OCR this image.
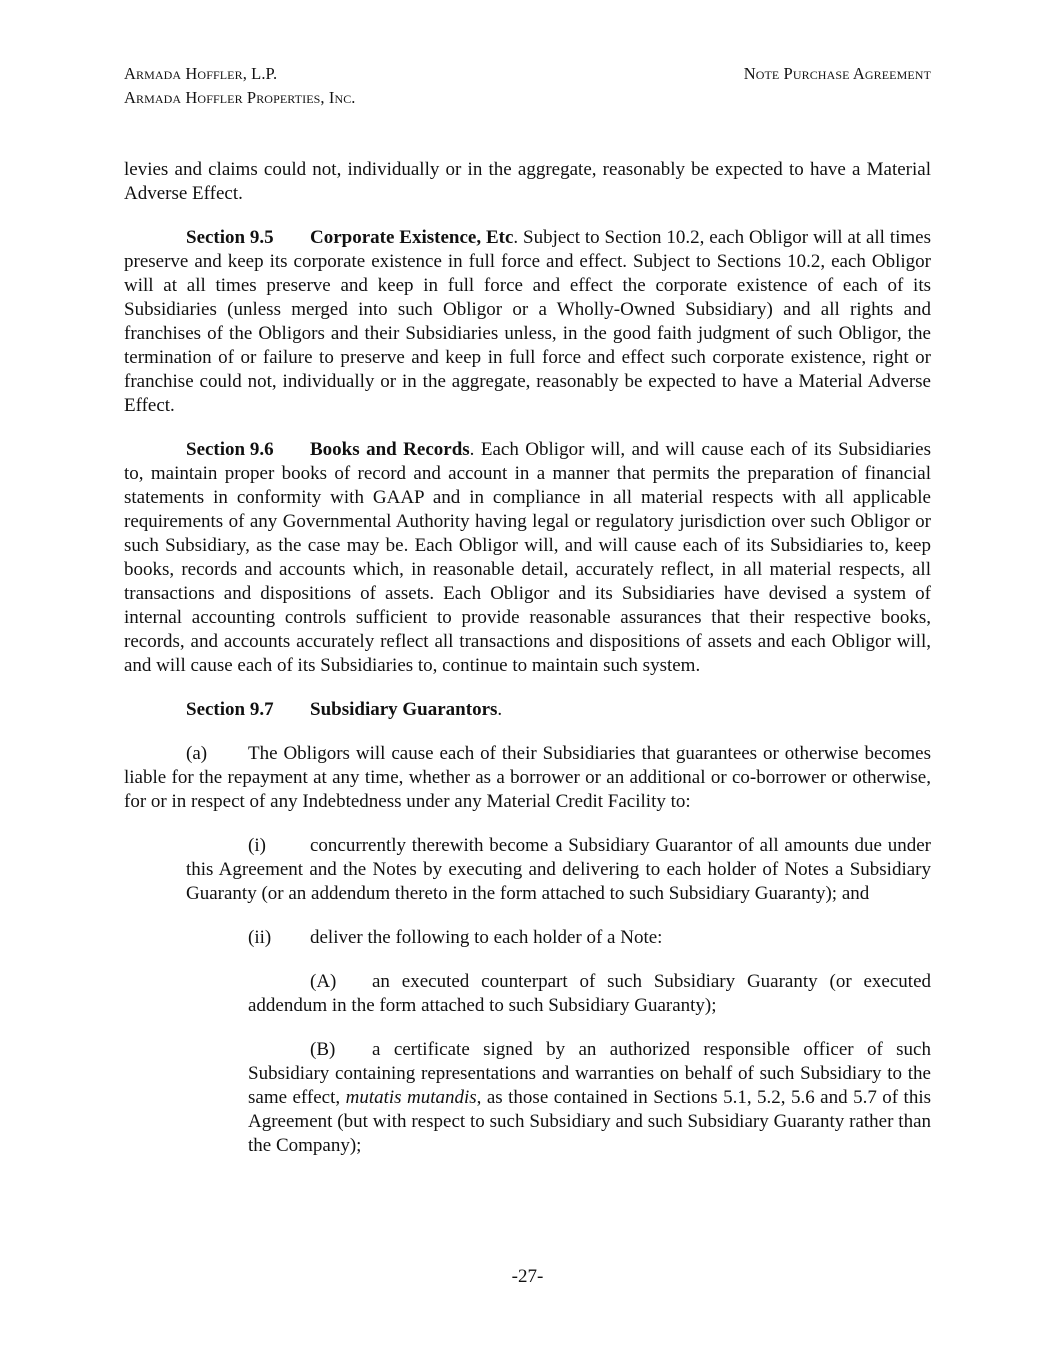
Armada Hoffler, L.P.
Armada Hoffler Properties, Inc.
Note Purchase Agreement

levies and claims could not, individually or in the aggregate, reasonably be expected to have a Material Adverse Effect.

Section 9.5 Corporate Existence, Etc. Subject to Section 10.2, each Obligor will at all times preserve and keep its corporate existence in full force and effect. Subject to Sections 10.2, each Obligor will at all times preserve and keep in full force and effect the corporate existence of each of its Subsidiaries (unless merged into such Obligor or a Wholly-Owned Subsidiary) and all rights and franchises of the Obligors and their Subsidiaries unless, in the good faith judgment of such Obligor, the termination of or failure to preserve and keep in full force and effect such corporate existence, right or franchise could not, individually or in the aggregate, reasonably be expected to have a Material Adverse Effect.

Section 9.6 Books and Records. Each Obligor will, and will cause each of its Subsidiaries to, maintain proper books of record and account in a manner that permits the preparation of financial statements in conformity with GAAP and in compliance in all material respects with all applicable requirements of any Governmental Authority having legal or regulatory jurisdiction over such Obligor or such Subsidiary, as the case may be. Each Obligor will, and will cause each of its Subsidiaries to, keep books, records and accounts which, in reasonable detail, accurately reflect, in all material respects, all transactions and dispositions of assets. Each Obligor and its Subsidiaries have devised a system of internal accounting controls sufficient to provide reasonable assurances that their respective books, records, and accounts accurately reflect all transactions and dispositions of assets and each Obligor will, and will cause each of its Subsidiaries to, continue to maintain such system.

Section 9.7 Subsidiary Guarantors.

(a) The Obligors will cause each of their Subsidiaries that guarantees or otherwise becomes liable for the repayment at any time, whether as a borrower or an additional or co-borrower or otherwise, for or in respect of any Indebtedness under any Material Credit Facility to:

(i) concurrently therewith become a Subsidiary Guarantor of all amounts due under this Agreement and the Notes by executing and delivering to each holder of Notes a Subsidiary Guaranty (or an addendum thereto in the form attached to such Subsidiary Guaranty); and

(ii) deliver the following to each holder of a Note:

(A) an executed counterpart of such Subsidiary Guaranty (or executed addendum in the form attached to such Subsidiary Guaranty);

(B) a certificate signed by an authorized responsible officer of such Subsidiary containing representations and warranties on behalf of such Subsidiary to the same effect, mutatis mutandis, as those contained in Sections 5.1, 5.2, 5.6 and 5.7 of this Agreement (but with respect to such Subsidiary and such Subsidiary Guaranty rather than the Company);

-27-
